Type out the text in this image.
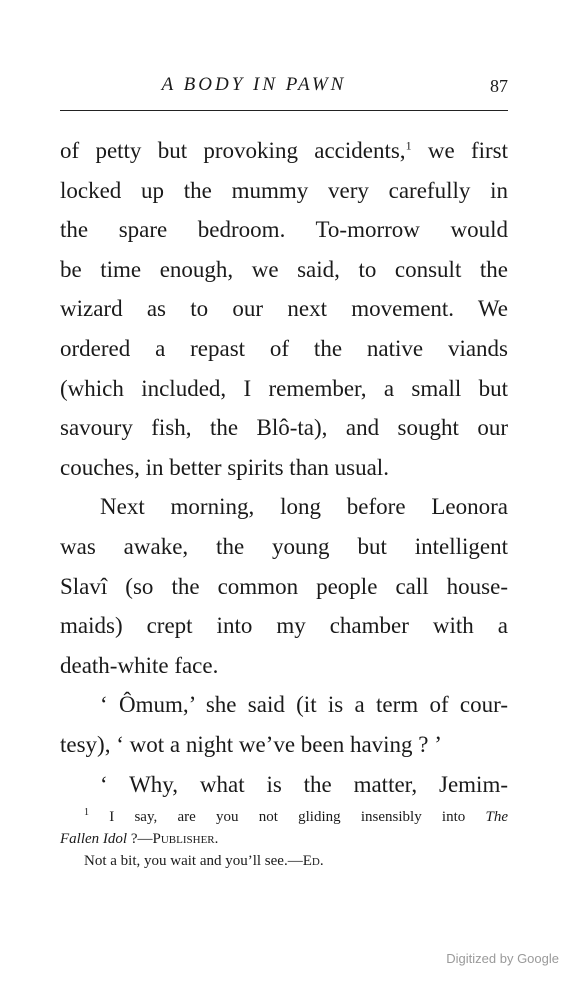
A BODY IN PAWN	87
of petty but provoking accidents,$^1$ we first
locked up the mummy very carefully in
the spare bedroom. To-morrow would
be time enough, we said, to consult the
wizard as to our next movement. We
ordered a repast of the native viands
(which included, I remember, a small but
savoury fish, the Blô-ta), and sought our
couches, in better spirits than usual.
Next morning, long before Leonora
was awake, the young but intelligent
Slavî (so the common people call house-
maids) crept into my chamber with a
death-white face.
‘ Ômum,’ she said (it is a term of cour-
tesy), ‘ wot a night we’ve been having ? ’
‘ Why, what is the matter, Jemim-
$^1$ I say, are you not gliding insensibly into The
Fallen Idol ?—Publisher.
Not a bit, you wait and you’ll see.—Ed.
Digitized by Google
